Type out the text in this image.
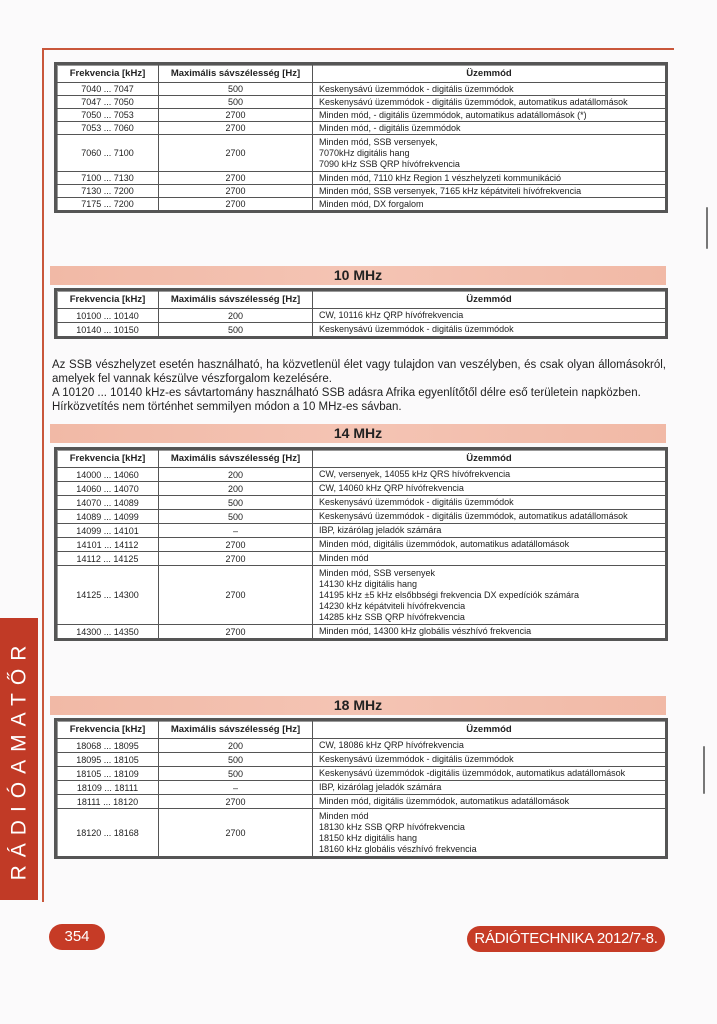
RÁDIÓAMATŐR
Frekvencia [kHz]	Maximális sávszélesség [Hz]	Üzemmód
7040 ... 7047	500	Keskenysávú üzemmódok - digitális üzemmódok

7047 ... 7050	500	Keskenysávú üzemmódok - digitális üzemmódok, automatikus adatállomások

7050 ... 7053	2700	Minden mód, - digitális üzemmódok, automatikus adatállomások (*)

7053 ... 7060	2700	Minden mód, - digitális üzemmódok

7060 ... 7100	2700	Minden mód, SSB versenyek,
7070kHz digitális hang
7090 kHz SSB QRP hívófrekvencia

7100 ... 7130	2700	Minden mód, 7110 kHz Region 1 vészhelyzeti kommunikáció

7130 ... 7200	2700	Minden mód, SSB versenyek, 7165 kHz képátviteli hívófrekvencia

7175 ... 7200	2700	Minden mód, DX forgalom
10 MHz
Frekvencia [kHz]	Maximális sávszélesség [Hz]	Üzemmód
10100 ... 10140	200	CW, 10116 kHz QRP hívófrekvencia

10140 ... 10150	500	Keskenysávú üzemmódok - digitális üzemmódok

Az SSB vészhelyzet esetén használható, ha közvetlenül élet vagy tulajdon van veszélyben, és csak olyan állomásokról, amelyek fel vannak készülve vészforgalom kezelésére.

A 10120 ... 10140 kHz-es sávtartomány használható SSB adásra Afrika egyenlítőtől délre eső területein napközben.

Hírközvetítés nem történhet semmilyen módon a 10 MHz-es sávban.

14 MHz
Frekvencia [kHz]	Maximális sávszélesség [Hz]	Üzemmód
14000 ... 14060	200	CW, versenyek, 14055 kHz QRS hívófrekvencia

14060 ... 14070	200	CW, 14060 kHz QRP hívófrekvencia

14070 ... 14089	500	Keskenysávú üzemmódok - digitális üzemmódok

14089 ... 14099	500	Keskenysávú üzemmódok - digitális üzemmódok, automatikus adatállomások

14099 ... 14101	–	IBP, kizárólag jeladók számára

14101 ... 14112	2700	Minden mód, digitális üzemmódok, automatikus adatállomások

14112 ... 14125	2700	Minden mód

14125 ... 14300	2700	Minden mód, SSB versenyek
14130 kHz digitális hang
14195 kHz ±5 kHz elsőbbségi frekvencia DX expedíciók számára
14230 kHz képátviteli hívófrekvencia
14285 kHz SSB QRP hívófrekvencia

14300 ... 14350	2700	Minden mód, 14300 kHz globális vészhívó frekvencia
18 MHz
Frekvencia [kHz]	Maximális sávszélesség [Hz]	Üzemmód
18068 ... 18095	200	CW, 18086 kHz QRP hívófrekvencia

18095 ... 18105	500	Keskenysávú üzemmódok - digitális üzemmódok

18105 ... 18109	500	Keskenysávú üzemmódok -digitális üzemmódok, automatikus adatállomások

18109 ... 18111	–	IBP, kizárólag jeladók számára

18111 ... 18120	2700	Minden mód, digitális üzemmódok, automatikus adatállomások

18120 ... 18168	2700	Minden mód
18130 kHz SSB QRP hívófrekvencia
18150 kHz digitális hang
18160 kHz globális vészhívó frekvencia
354	RÁDIÓTECHNIKA 2012/7-8.
